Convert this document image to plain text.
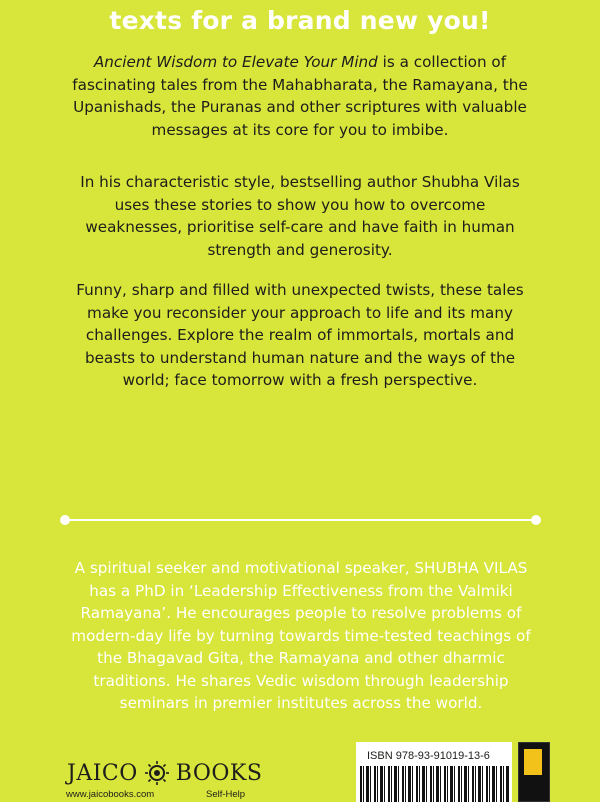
texts for a brand new you!

Ancient Wisdom to Elevate Your Mind is a collection of fascinating tales from the Mahabharata, the Ramayana, the Upanishads, the Puranas and other scriptures with valuable messages at its core for you to imbibe.

In his characteristic style, bestselling author Shubha Vilas uses these stories to show you how to overcome weaknesses, prioritise self-care and have faith in human strength and generosity.

Funny, sharp and filled with unexpected twists, these tales make you reconsider your approach to life and its many challenges. Explore the realm of immortals, mortals and beasts to understand human nature and the ways of the world; face tomorrow with a fresh perspective.

A spiritual seeker and motivational speaker, SHUBHA VILAS has a PhD in ‘Leadership Effectiveness from the Valmiki Ramayana’. He encourages people to resolve problems of modern-day life by turning towards time-tested teachings of the Bhagavad Gita, the Ramayana and other dharmic traditions. He shares Vedic wisdom through leadership seminars in premier institutes across the world.

JAICO BOOKS
www.jaicobooks.com	Self-Help
ISBN 978-93-91019-13-6
